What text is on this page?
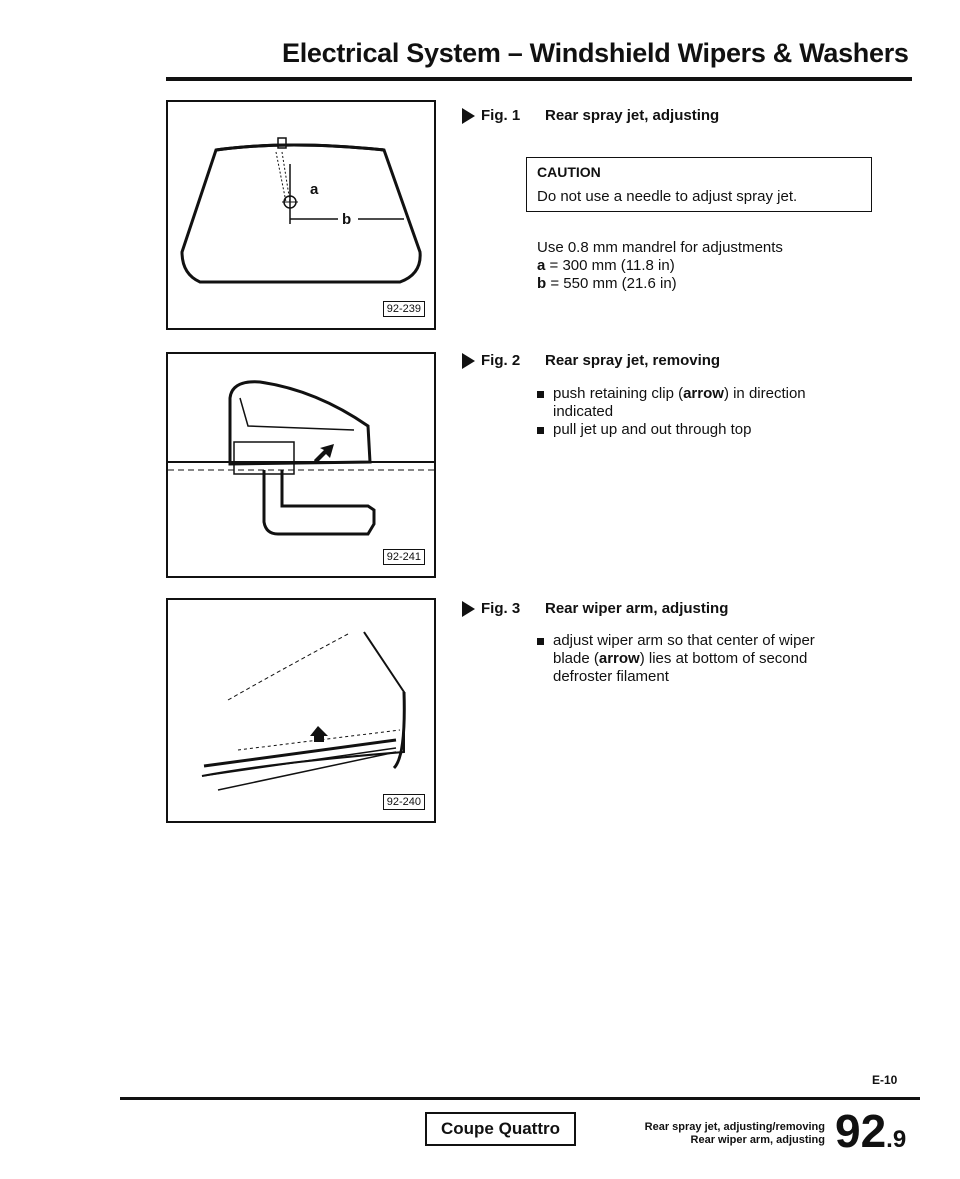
Electrical System – Windshield Wipers & Washers
a
b
92-239
92-241
92-240
Fig. 1	Rear spray jet, adjusting
CAUTION
Do not use a needle to adjust spray jet.
Use 0.8 mm mandrel for adjustments
a = 300 mm (11.8 in)
b = 550 mm (21.6 in)
Fig. 2	Rear spray jet, removing
push retaining clip (arrow) in direction indicated
pull jet up and out through top
Fig. 3	Rear wiper arm, adjusting
adjust wiper arm so that center of wiper blade (arrow) lies at bottom of second defroster filament
E-10
Coupe Quattro	Rear spray jet, adjusting/removing
Rear wiper arm, adjusting 92.9
